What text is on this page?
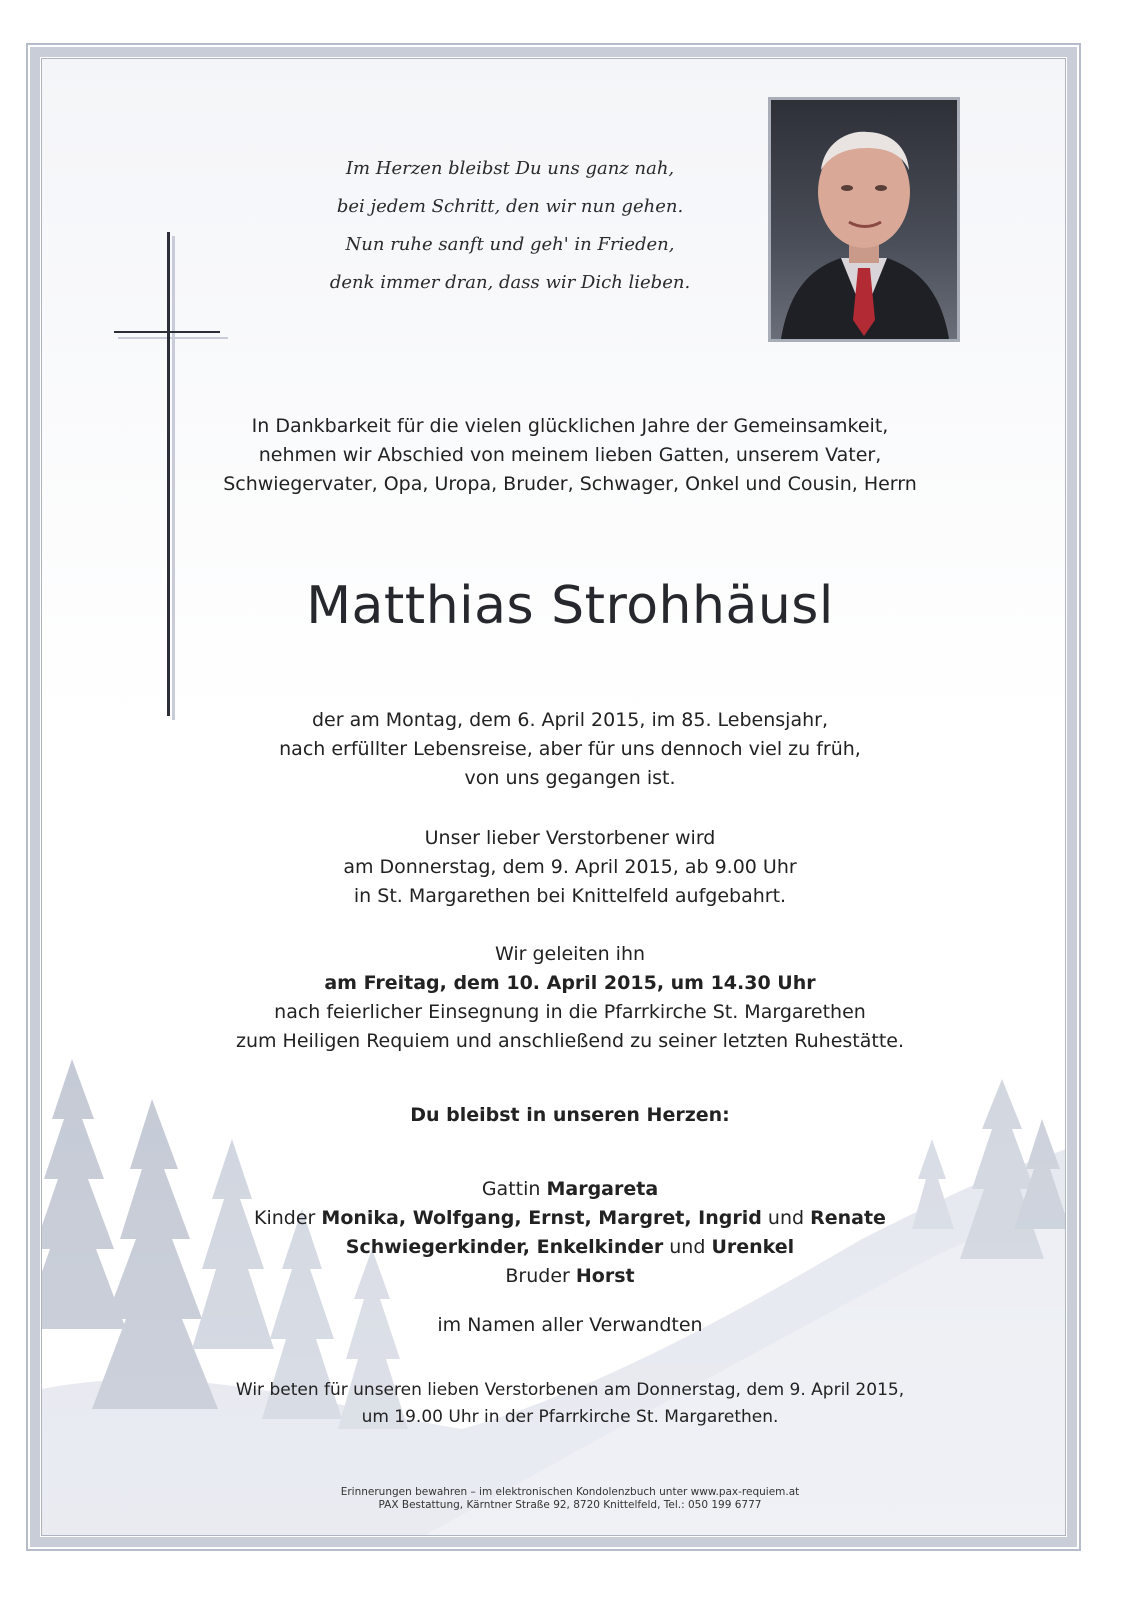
Im Herzen bleibst Du uns ganz nah,
bei jedem Schritt, den wir nun gehen.
Nun ruhe sanft und geh' in Frieden,
denk immer dran, dass wir Dich lieben.
In Dankbarkeit für die vielen glücklichen Jahre der Gemeinsamkeit,
nehmen wir Abschied von meinem lieben Gatten, unserem Vater,
Schwiegervater, Opa, Uropa, Bruder, Schwager, Onkel und Cousin, Herrn
Matthias Strohhäusl
der am Montag, dem 6. April 2015, im 85. Lebensjahr,
nach erfüllter Lebensreise, aber für uns dennoch viel zu früh,
von uns gegangen ist.
Unser lieber Verstorbener wird
am Donnerstag, dem 9. April 2015, ab 9.00 Uhr
in St. Margarethen bei Knittelfeld aufgebahrt.
Wir geleiten ihn
am Freitag, dem 10. April 2015, um 14.30 Uhr
nach feierlicher Einsegnung in die Pfarrkirche St. Margarethen
zum Heiligen Requiem und anschließend zu seiner letzten Ruhestätte.
Du bleibst in unseren Herzen:
Gattin Margareta
Kinder Monika, Wolfgang, Ernst, Margret, Ingrid und Renate
Schwiegerkinder, Enkelkinder und Urenkel
Bruder Horst
im Namen aller Verwandten
Wir beten für unseren lieben Verstorbenen am Donnerstag, dem 9. April 2015,
um 19.00 Uhr in der Pfarrkirche St. Margarethen.
Erinnerungen bewahren – im elektronischen Kondolenzbuch unter www.pax-requiem.at
PAX Bestattung, Kärntner Straße 92, 8720 Knittelfeld, Tel.: 050 199 6777
